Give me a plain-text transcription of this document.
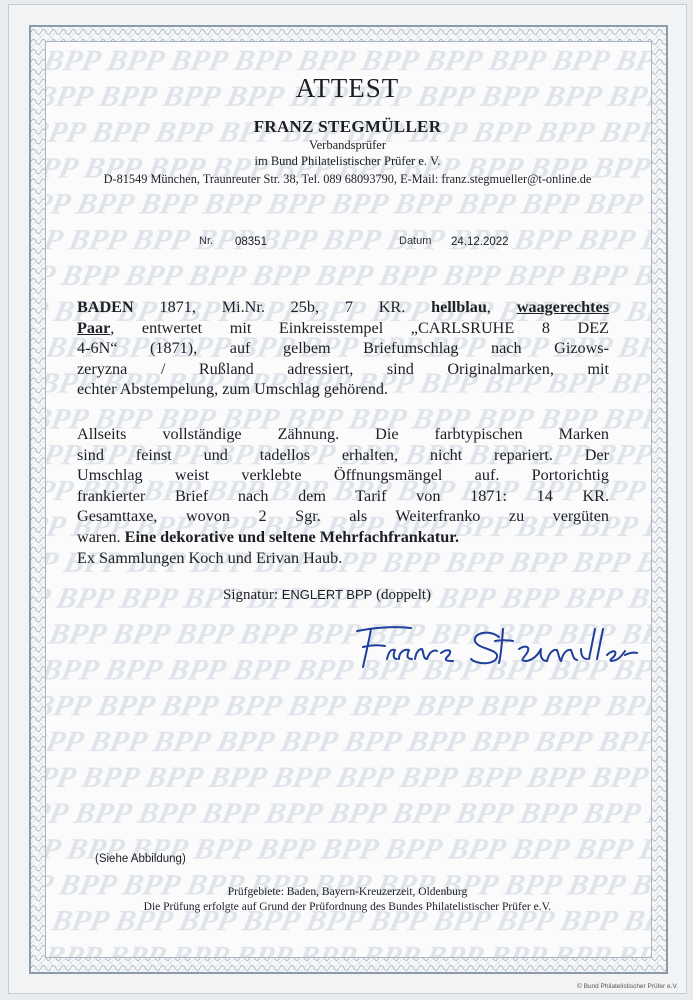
ATTEST
FRANZ STEGMÜLLER
Verbandsprüfer
im Bund Philatelistischer Prüfer e. V.
D-81549 München, Traunreuter Str. 38, Tel. 089 68093790, E-Mail: franz.stegmueller@t-online.de
Nr. 08351	Datum 24.12.2022
BADEN 1871, Mi.Nr. 25b, 7 KR. hellblau, waagerechtes
Paar, entwertet mit Einkreisstempel „CARLSRUHE 8 DEZ
4-6N“ (1871), auf gelbem Briefumschlag nach Gizows-
zeryzna / Rußland adressiert, sind Originalmarken, mit
echter Abstempelung, zum Umschlag gehörend.
Allseits vollständige Zähnung. Die farbtypischen Marken
sind feinst und tadellos erhalten, nicht repariert. Der
Umschlag weist verklebte Öffnungsmängel auf. Portorichtig
frankierter Brief nach dem Tarif von 1871: 14 KR.
Gesamttaxe, wovon 2 Sgr. als Weiterfranko zu vergüten
waren. Eine dekorative und seltene Mehrfachfrankatur.
Ex Sammlungen Koch und Erivan Haub.
Signatur: ENGLERT BPP (doppelt)
(Siehe Abbildung)
Prüfgebiete: Baden, Bayern-Kreuzerzeit, Oldenburg
Die Prüfung erfolgte auf Grund der Prüfordnung des Bundes Philatelistischer Prüfer e.V.
© Bund Philatelistischer Prüfer e.V.
